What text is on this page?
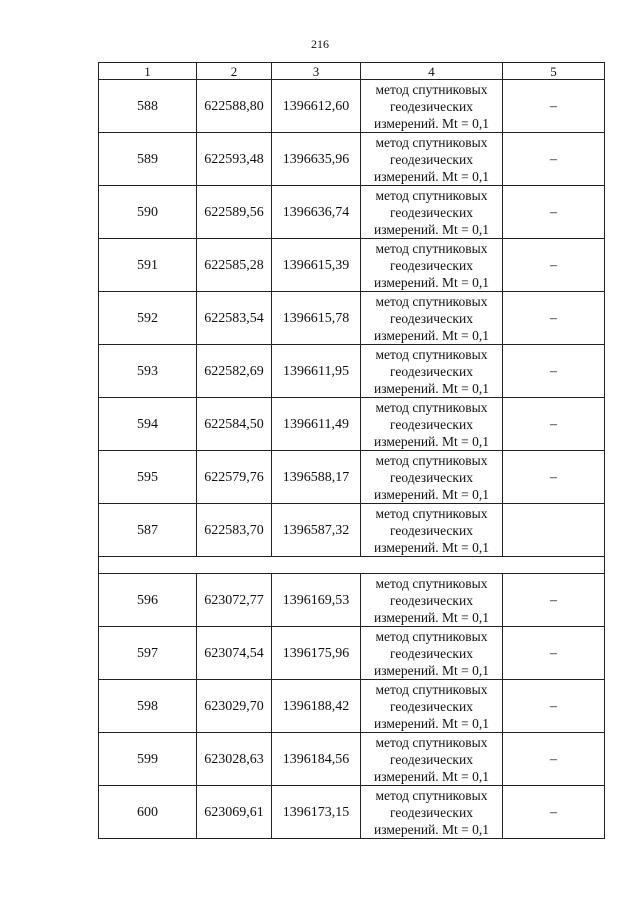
216
1	2	3	4	5
588	622588,80	1396612,60	метод спутниковых
геодезических
измерений. Mt = 0,1	–
589	622593,48	1396635,96	метод спутниковых
геодезических
измерений. Mt = 0,1	–
590	622589,56	1396636,74	метод спутниковых
геодезических
измерений. Mt = 0,1	–
591	622585,28	1396615,39	метод спутниковых
геодезических
измерений. Mt = 0,1	–
592	622583,54	1396615,78	метод спутниковых
геодезических
измерений. Mt = 0,1	–
593	622582,69	1396611,95	метод спутниковых
геодезических
измерений. Mt = 0,1	–
594	622584,50	1396611,49	метод спутниковых
геодезических
измерений. Mt = 0,1	–
595	622579,76	1396588,17	метод спутниковых
геодезических
измерений. Mt = 0,1	–
587	622583,70	1396587,32	метод спутниковых
геодезических
измерений. Mt = 0,1	

596	623072,77	1396169,53	метод спутниковых
геодезических
измерений. Mt = 0,1	–
597	623074,54	1396175,96	метод спутниковых
геодезических
измерений. Mt = 0,1	–
598	623029,70	1396188,42	метод спутниковых
геодезических
измерений. Mt = 0,1	–
599	623028,63	1396184,56	метод спутниковых
геодезических
измерений. Mt = 0,1	–
600	623069,61	1396173,15	метод спутниковых
геодезических
измерений. Mt = 0,1	–
